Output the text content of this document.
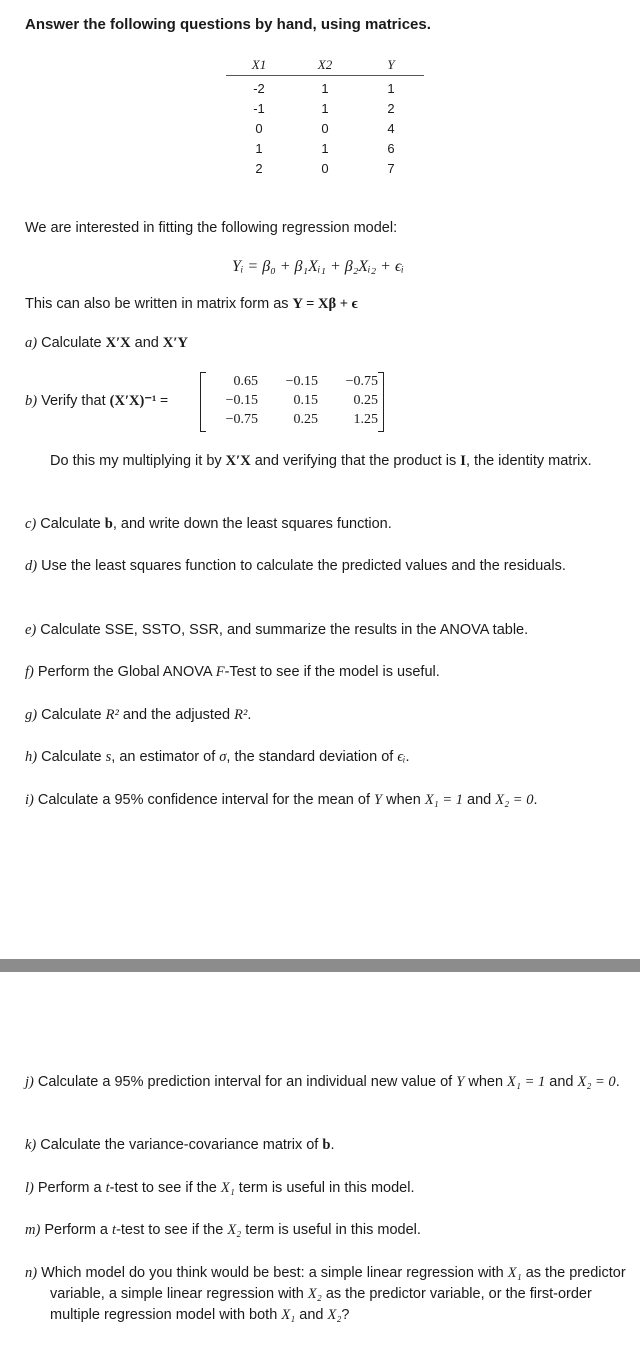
Answer the following questions by hand, using matrices.
X1	X2	Y
-2	1	1
-1	1	2
0	0	4
1	1	6
2	0	7
We are interested in fitting the following regression model:
Yᵢ = β₀ + β₁Xᵢ₁ + β₂Xᵢ₂ + ϵᵢ
This can also be written in matrix form as Y = Xβ + ϵ
a) Calculate X′X and X′Y
b) Verify that (X′X)⁻¹ =
0.65	−0.15	−0.75
−0.15	0.15	0.25
−0.75	0.25	1.25
Do this my multiplying it by X′X and verifying that the product is I, the identity matrix.
c) Calculate b, and write down the least squares function.
d) Use the least squares function to calculate the predicted values and the residuals.
e) Calculate SSE, SSTO, SSR, and summarize the results in the ANOVA table.
f) Perform the Global ANOVA F-Test to see if the model is useful.
g) Calculate R² and the adjusted R².
h) Calculate s, an estimator of σ, the standard deviation of ϵᵢ.
i) Calculate a 95% confidence interval for the mean of Y when X₁ = 1 and X₂ = 0.
j) Calculate a 95% prediction interval for an individual new value of Y when X₁ = 1 and X₂ = 0.
k) Calculate the variance-covariance matrix of b.
l) Perform a t-test to see if the X₁ term is useful in this model.
m) Perform a t-test to see if the X₂ term is useful in this model.
n) Which model do you think would be best: a simple linear regression with X₁ as the predictor variable, a simple linear regression with X₂ as the predictor variable, or the first-order multiple regression model with both X₁ and X₂?
